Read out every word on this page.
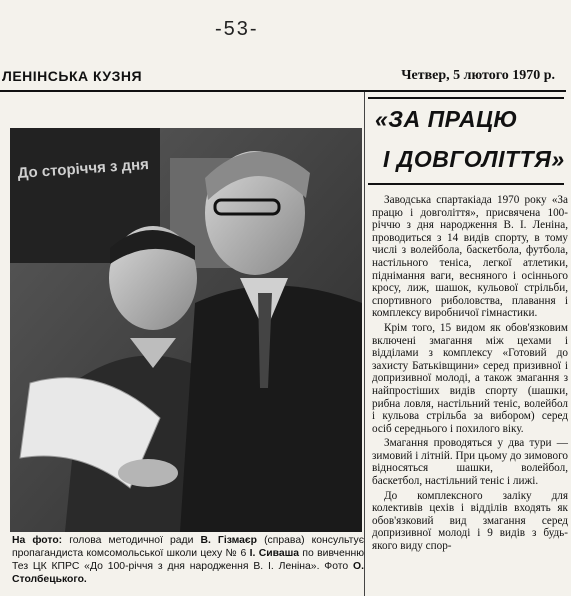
-53-
ЛЕНІНСЬКА КУЗНЯ	Четвер, 5 лютого 1970 р.
До сторіччя з дня
На фото: голова методичної ради В. Гізмаєр (справа) консультує пропагандиста комсомольської школи цеху № 6 І. Сиваша по вивченню Тез ЦК КПРС «До 100-річчя з дня народження В. І. Леніна». Фото О. Столбецького.
«ЗА ПРАЦЮ
І ДОВГОЛІТТЯ»

Заводська спартакіада 1970 року «За працю і довголіття», присвячена 100-річчю з дня народження В. І. Леніна, проводиться з 14 видів спорту, в тому числі з волейбола, баскетбола, футбола, настільного теніса, легкої атлетики, піднімання ваги, весняного і осіннього кросу, лиж, шашок, кульової стрільби, спортивного риболовства, плавання і комплексу виробничої гімнастики.

Крім того, 15 видом як обов'язковим включені змагання між цехами і відділами з комплексу «Готовий до захисту Батьківщини» серед призивної і допризивної молоді, а також змагання з найпростіших видів спорту (шашки, рибна ловля, настільний теніс, волейбол і кульова стрільба за вибором) серед осіб середнього і похилого віку.

Змагання проводяться у два тури — зимовий і літній. При цьому до зимового відносяться шашки, волейбол, баскетбол, настільний теніс і лижі.

До комплексного заліку для колективів цехів і відділів входять як обов'язковий вид змагання серед допризивної молоді і 9 видів з будь-якого виду спор-
